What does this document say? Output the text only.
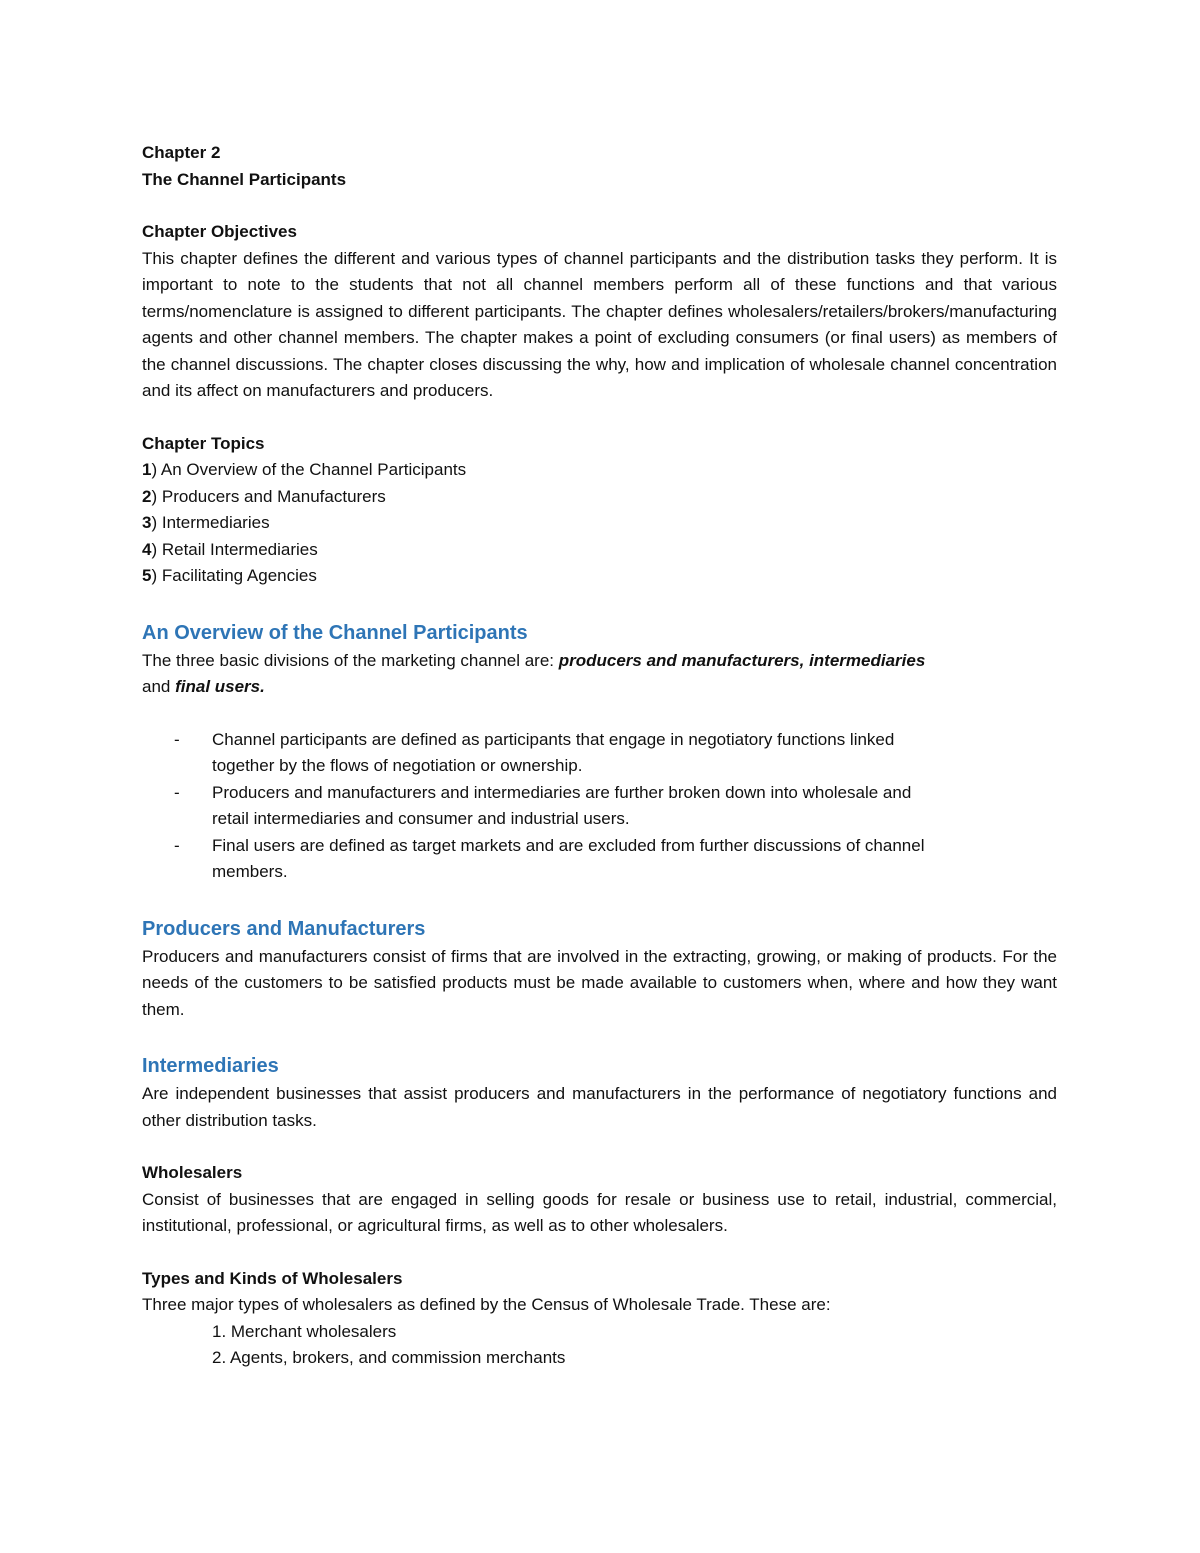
Chapter 2
The Channel Participants
Chapter Objectives
This chapter defines the different and various types of channel participants and the distribution tasks they perform. It is important to note to the students that not all channel members perform all of these functions and that various terms/nomenclature is assigned to different participants. The chapter defines wholesalers/retailers/brokers/manufacturing agents and other channel members. The chapter makes a point of excluding consumers (or final users) as members of the channel discussions. The chapter closes discussing the why, how and implication of wholesale channel concentration and its affect on manufacturers and producers.
Chapter Topics
1) An Overview of the Channel Participants
2) Producers and Manufacturers
3) Intermediaries
4) Retail Intermediaries
5) Facilitating Agencies
An Overview of the Channel Participants
The three basic divisions of the marketing channel are: producers and manufacturers, intermediaries
and final users.
- Channel participants are defined as participants that engage in negotiatory functions linked together by the flows of negotiation or ownership.
- Producers and manufacturers and intermediaries are further broken down into wholesale and retail intermediaries and consumer and industrial users.
- Final users are defined as target markets and are excluded from further discussions of channel members.
Producers and Manufacturers
Producers and manufacturers consist of firms that are involved in the extracting, growing, or making of products. For the needs of the customers to be satisfied products must be made available to customers when, where and how they want them.
Intermediaries
Are independent businesses that assist producers and manufacturers in the performance of negotiatory functions and other distribution tasks.
Wholesalers
Consist of businesses that are engaged in selling goods for resale or business use to retail, industrial, commercial, institutional, professional, or agricultural firms, as well as to other wholesalers.
Types and Kinds of Wholesalers
Three major types of wholesalers as defined by the Census of Wholesale Trade. These are:
1. Merchant wholesalers
2. Agents, brokers, and commission merchants
